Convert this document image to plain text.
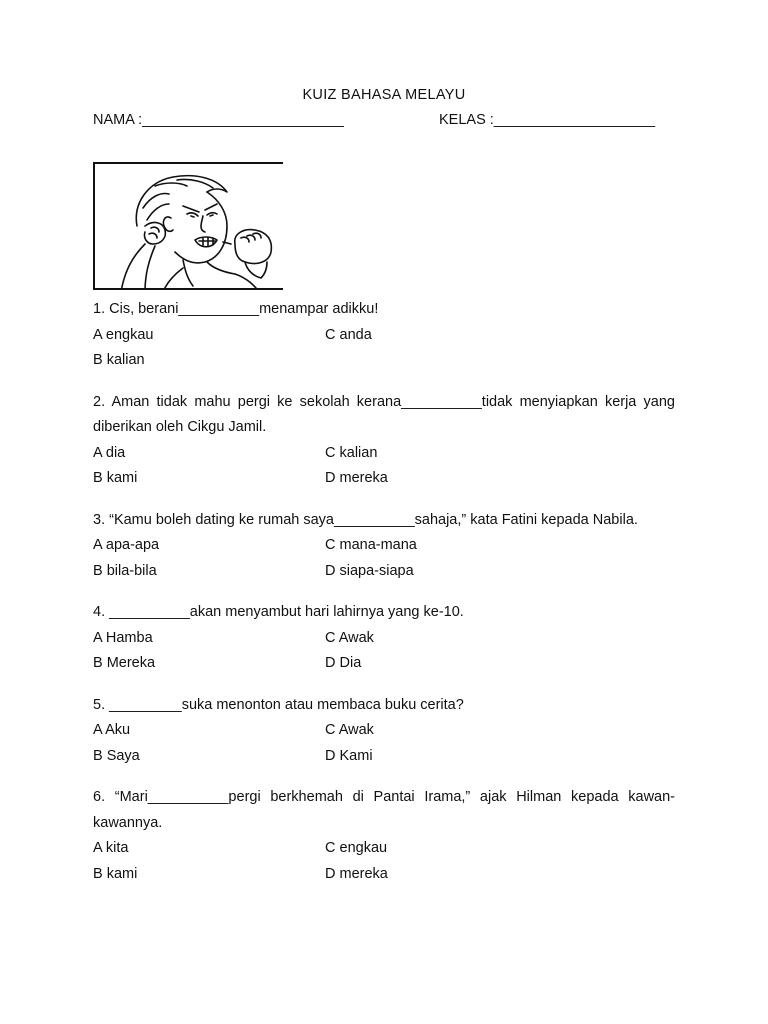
KUIZ BAHASA MELAYU
NAMA :_________________________	KELAS :____________________
1. Cis, berani__________menampar adikku!
A engkau	C anda
B kalian
2. Aman tidak mahu pergi ke sekolah kerana__________tidak menyiapkan kerja yang diberikan oleh Cikgu Jamil.
A dia	C kalian
B kami	D mereka
3. “Kamu boleh dating ke rumah saya__________sahaja,” kata Fatini kepada Nabila.
A apa-apa	C mana-mana
B bila-bila	D siapa-siapa
4. __________akan menyambut hari lahirnya yang ke-10.
A Hamba	C Awak
B Mereka	D Dia
5. _________suka menonton atau membaca buku cerita?
A Aku	C Awak
B Saya	D Kami
6. “Mari__________pergi berkhemah di Pantai Irama,” ajak Hilman kepada kawan-kawannya.
A kita	C engkau
B kami	D mereka
